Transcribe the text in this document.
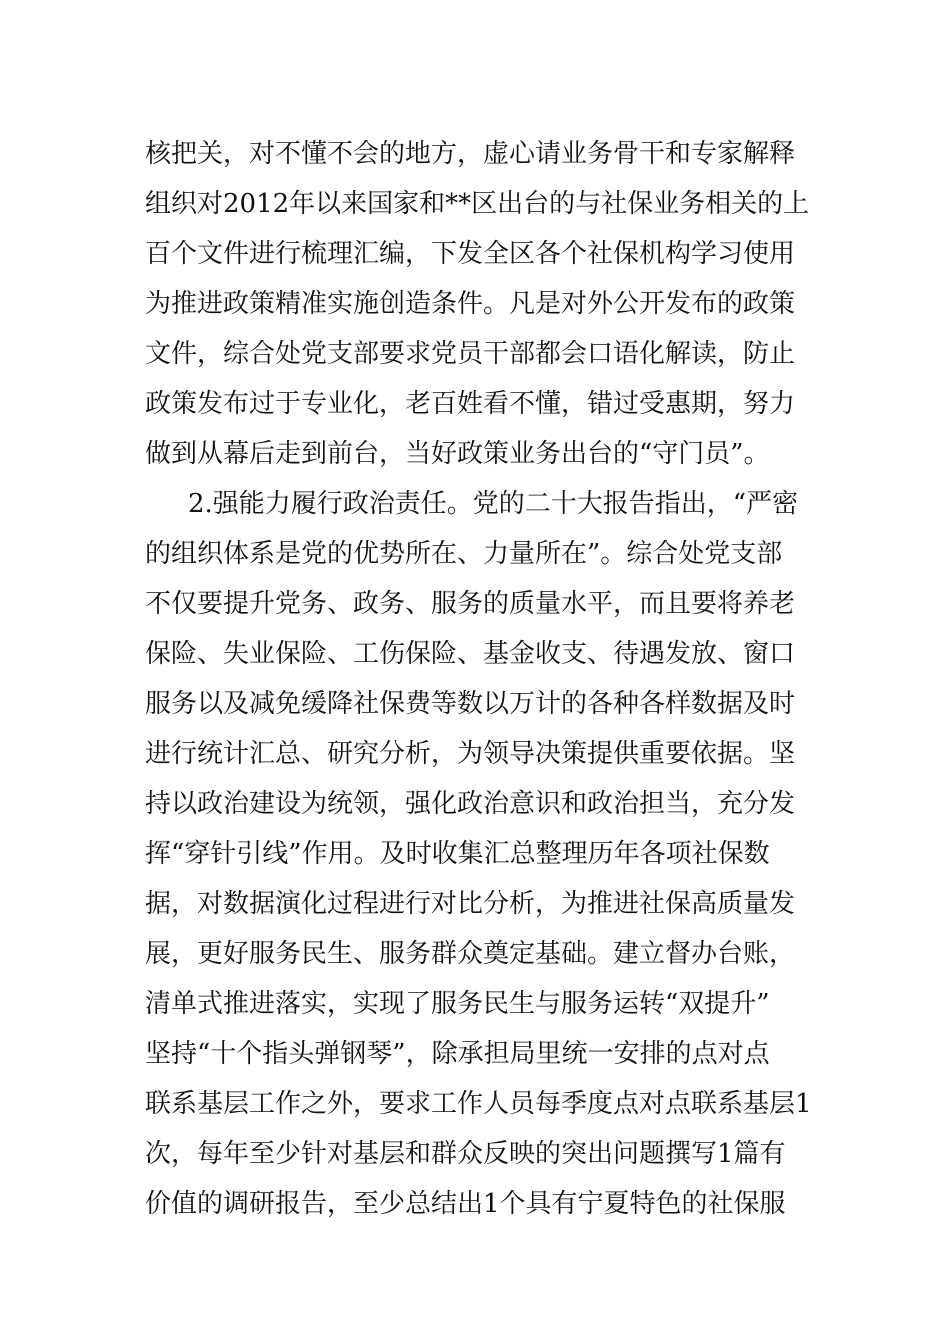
核把关，对不懂不会的地方，虚心请业务骨干和专家解释
组织对2012年以来国家和**区出台的与社保业务相关的上
百个文件进行梳理汇编，下发全区各个社保机构学习使用
为推进政策精准实施创造条件。凡是对外公开发布的政策
文件，综合处党支部要求党员干部都会口语化解读，防止
政策发布过于专业化，老百姓看不懂，错过受惠期，努力
做到从幕后走到前台，当好政策业务出台的“守门员”。
2.强能力履行政治责任。党的二十大报告指出，“严密
的组织体系是党的优势所在、力量所在”。综合处党支部
不仅要提升党务、政务、服务的质量水平，而且要将养老
保险、失业保险、工伤保险、基金收支、待遇发放、窗口
服务以及减免缓降社保费等数以万计的各种各样数据及时
进行统计汇总、研究分析，为领导决策提供重要依据。坚
持以政治建设为统领，强化政治意识和政治担当，充分发
挥“穿针引线”作用。及时收集汇总整理历年各项社保数
据，对数据演化过程进行对比分析，为推进社保高质量发
展，更好服务民生、服务群众奠定基础。建立督办台账，
清单式推进落实，实现了服务民生与服务运转“双提升”
坚持“十个指头弹钢琴”，除承担局里统一安排的点对点
联系基层工作之外，要求工作人员每季度点对点联系基层1
次，每年至少针对基层和群众反映的突出问题撰写1篇有
价值的调研报告，至少总结出1个具有宁夏特色的社保服
